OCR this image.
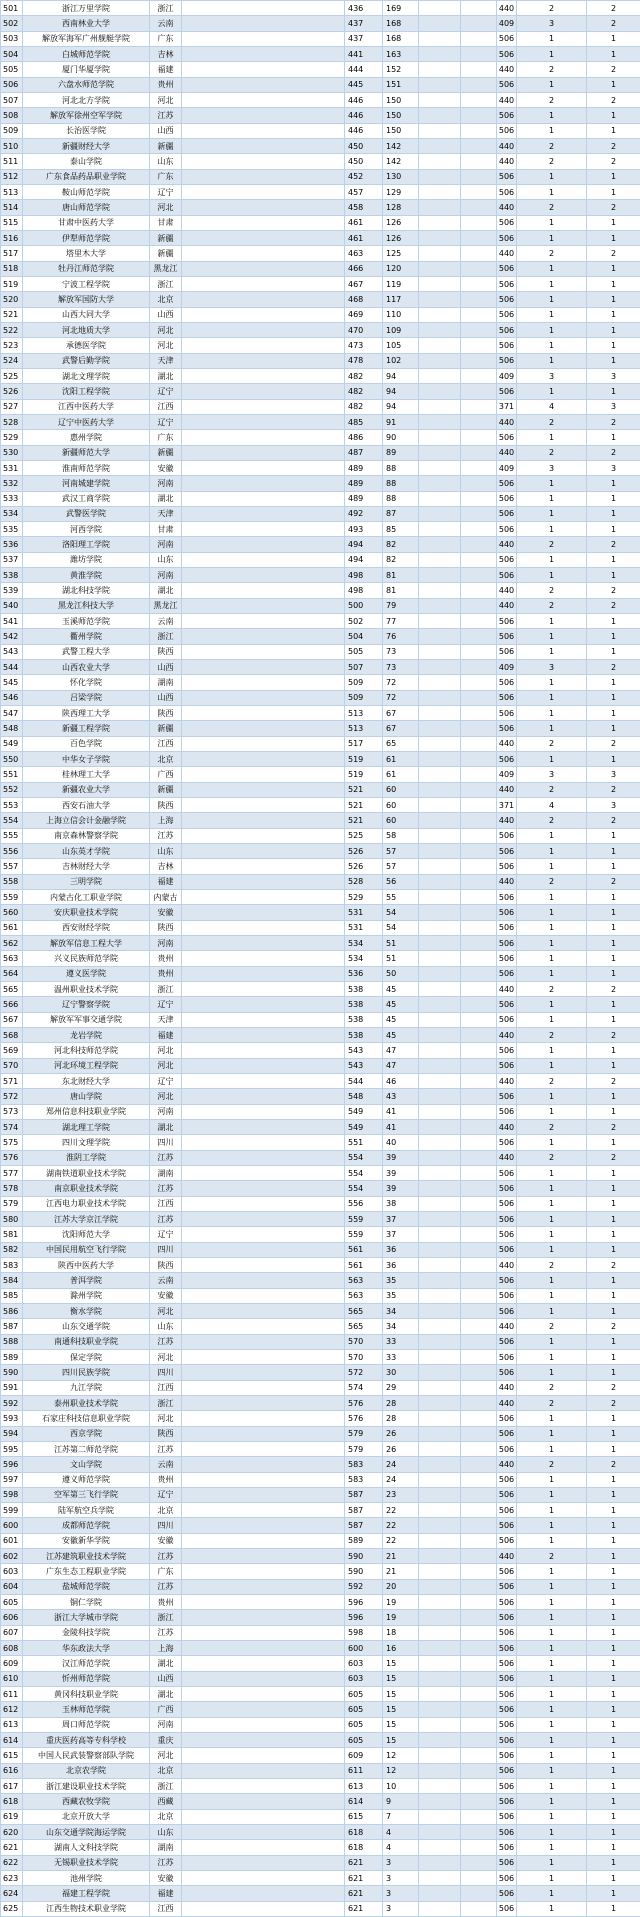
501	浙江万里学院	浙江		436	169			440	2	2
502	西南林业大学	云南		437	168			409	3	2
503	解放军海军广州舰艇学院	广东		437	168			506	1	1
504	白城师范学院	吉林		441	163			506	1	1
505	厦门华厦学院	福建		444	152			440	2	2
506	六盘水师范学院	贵州		445	151			506	1	1
507	河北北方学院	河北		446	150			440	2	2
508	解放军徐州空军学院	江苏		446	150			506	1	1
509	长治医学院	山西		446	150			506	1	1
510	新疆财经大学	新疆		450	142			440	2	2
511	泰山学院	山东		450	142			440	2	2
512	广东食品药品职业学院	广东		452	130			506	1	1
513	鞍山师范学院	辽宁		457	129			506	1	1
514	唐山师范学院	河北		458	128			440	2	2
515	甘肃中医药大学	甘肃		461	126			506	1	1
516	伊犁师范学院	新疆		461	126			506	1	1
517	塔里木大学	新疆		463	125			440	2	2
518	牡丹江师范学院	黑龙江		466	120			506	1	1
519	宁波工程学院	浙江		467	119			506	1	1
520	解放军国防大学	北京		468	117			506	1	1
521	山西大同大学	山西		469	110			506	1	1
522	河北地质大学	河北		470	109			506	1	1
523	承德医学院	河北		473	105			506	1	1
524	武警后勤学院	天津		478	102			506	1	1
525	湖北文理学院	湖北		482	94			409	3	3
526	沈阳工程学院	辽宁		482	94			506	1	1
527	江西中医药大学	江西		482	94			371	4	3
528	辽宁中医药大学	辽宁		485	91			440	2	2
529	惠州学院	广东		486	90			506	1	1
530	新疆师范大学	新疆		487	89			440	2	2
531	淮南师范学院	安徽		489	88			409	3	3
532	河南城建学院	河南		489	88			506	1	1
533	武汉工商学院	湖北		489	88			506	1	1
534	武警医学院	天津		492	87			506	1	1
535	河西学院	甘肃		493	85			506	1	1
536	洛阳理工学院	河南		494	82			440	2	2
537	潍坊学院	山东		494	82			506	1	1
538	黄淮学院	河南		498	81			506	1	1
539	湖北科技学院	湖北		498	81			440	2	2
540	黑龙江科技大学	黑龙江		500	79			440	2	2
541	玉溪师范学院	云南		502	77			506	1	1
542	衢州学院	浙江		504	76			506	1	1
543	武警工程大学	陕西		505	73			506	1	1
544	山西农业大学	山西		507	73			409	3	2
545	怀化学院	湖南		509	72			506	1	1
546	吕梁学院	山西		509	72			506	1	1
547	陕西理工大学	陕西		513	67			506	1	1
548	新疆工程学院	新疆		513	67			506	1	1
549	百色学院	江西		517	65			440	2	2
550	中华女子学院	北京		519	61			506	1	1
551	桂林理工大学	广西		519	61			409	3	3
552	新疆农业大学	新疆		521	60			440	2	2
553	西安石油大学	陕西		521	60			371	4	3
554	上海立信会计金融学院	上海		521	60			440	2	2
555	南京森林警察学院	江苏		525	58			506	1	1
556	山东英才学院	山东		526	57			506	1	1
557	吉林财经大学	吉林		526	57			506	1	1
558	三明学院	福建		528	56			440	2	2
559	内蒙古化工职业学院	内蒙古		529	55			506	1	1
560	安庆职业技术学院	安徽		531	54			506	1	1
561	西安财经学院	陕西		531	54			506	1	1
562	解放军信息工程大学	河南		534	51			506	1	1
563	兴义民族师范学院	贵州		534	51			506	1	1
564	遵义医学院	贵州		536	50			506	1	1
565	温州职业技术学院	浙江		538	45			440	2	2
566	辽宁警察学院	辽宁		538	45			506	1	1
567	解放军军事交通学院	天津		538	45			506	1	1
568	龙岩学院	福建		538	45			440	2	2
569	河北科技师范学院	河北		543	47			506	1	1
570	河北环境工程学院	河北		543	47			506	1	1
571	东北财经大学	辽宁		544	46			440	2	2
572	唐山学院	河北		548	43			506	1	1
573	郑州信息科技职业学院	河南		549	41			506	1	1
574	湖北理工学院	湖北		549	41			440	2	2
575	四川文理学院	四川		551	40			506	1	1
576	淮阴工学院	江苏		554	39			440	2	2
577	湖南铁道职业技术学院	湖南		554	39			506	1	1
578	南京职业技术学院	江苏		554	39			506	1	1
579	江西电力职业技术学院	江西		556	38			506	1	1
580	江苏大学京江学院	江苏		559	37			506	1	1
581	沈阳师范大学	辽宁		559	37			506	1	1
582	中国民用航空飞行学院	四川		561	36			506	1	1
583	陕西中医药大学	陕西		561	36			440	2	2
584	普洱学院	云南		563	35			506	1	1
585	滁州学院	安徽		563	35			506	1	1
586	衡水学院	河北		565	34			506	1	1
587	山东交通学院	山东		565	34			440	2	2
588	南通科技职业学院	江苏		570	33			506	1	1
589	保定学院	河北		570	33			506	1	1
590	四川民族学院	四川		572	30			506	1	1
591	九江学院	江西		574	29			440	2	2
592	泰州职业技术学院	浙江		576	28			440	2	2
593	石家庄科技信息职业学院	河北		576	28			506	1	1
594	西京学院	陕西		579	26			506	1	1
595	江苏第二师范学院	江苏		579	26			506	1	1
596	文山学院	云南		583	24			440	2	2
597	遵义师范学院	贵州		583	24			506	1	1
598	空军第三飞行学院	辽宁		587	23			506	1	1
599	陆军航空兵学院	北京		587	22			506	1	1
600	成都师范学院	四川		587	22			506	1	1
601	安徽新华学院	安徽		589	22			506	1	1
602	江苏建筑职业技术学院	江苏		590	21			440	2	1
603	广东生态工程职业学院	广东		590	21			506	1	1
604	盐城师范学院	江苏		592	20			506	1	1
605	铜仁学院	贵州		596	19			506	1	1
606	浙江大学城市学院	浙江		596	19			506	1	1
607	金陵科技学院	江苏		598	18			506	1	1
608	华东政法大学	上海		600	16			506	1	1
609	汉江师范学院	湖北		603	15			506	1	1
610	忻州师范学院	山西		603	15			506	1	1
611	黄冈科技职业学院	湖北		605	15			506	1	1
612	玉林师范学院	广西		605	15			506	1	1
613	周口师范学院	河南		605	15			506	1	1
614	重庆医药高等专科学校	重庆		605	15			506	1	1
615	中国人民武装警察部队学院	河北		609	12			506	1	1
616	北京农学院	北京		611	12			506	1	1
617	浙江建设职业技术学院	浙江		613	10			506	1	1
618	西藏农牧学院	西藏		614	9			506	1	1
619	北京开放大学	北京		615	7			506	1	1
620	山东交通学院海运学院	山东		618	4			506	1	1
621	湖南人文科技学院	湖南		618	4			506	1	1
622	无锡职业技术学院	江苏		621	3			506	1	1
623	池州学院	安徽		621	3			506	1	1
624	福建工程学院	福建		621	3			506	1	1
625	江西生物技术职业学院	江西		621	3			506	1	1
